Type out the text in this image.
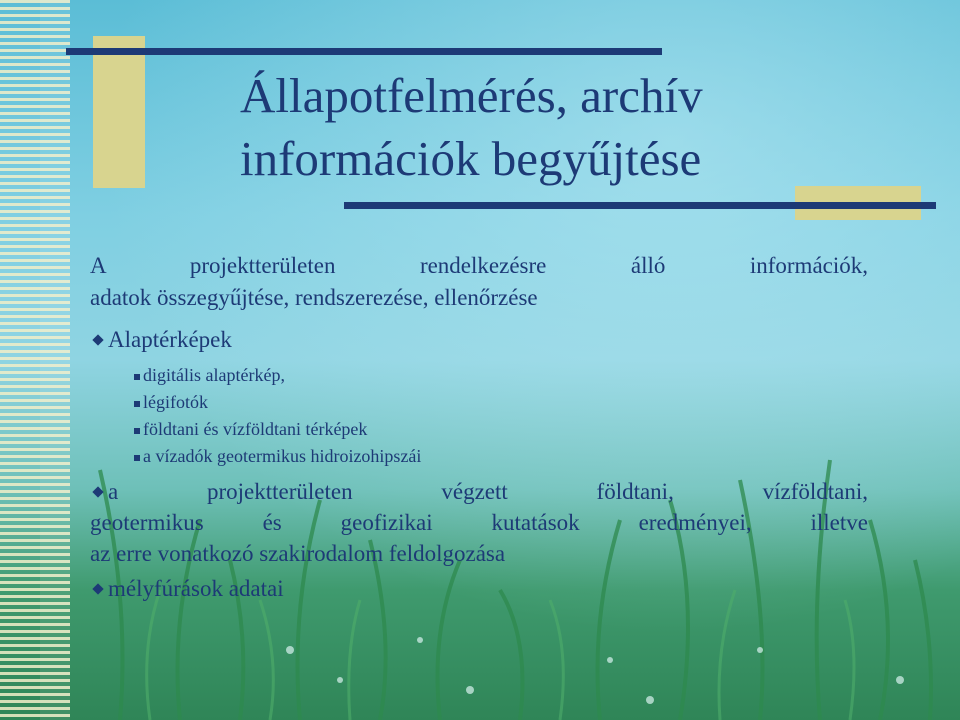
Állapotfelmérés, archív
információk begyűjtése

A projektterületen rendelkezésre álló információk,
adatok összegyűjtése, rendszerezése, ellenőrzése

Alaptérképek

digitális alaptérkép,
légifotók
földtani és vízföldtani térképek
a vízadók geotermikus hidroizohipszái
a projektterületen végzett földtani, vízföldtani,
geotermikus és geofizikai kutatások eredményei, illetve
az erre vonatkozó szakirodalom feldolgozása

mélyfúrások adatai
